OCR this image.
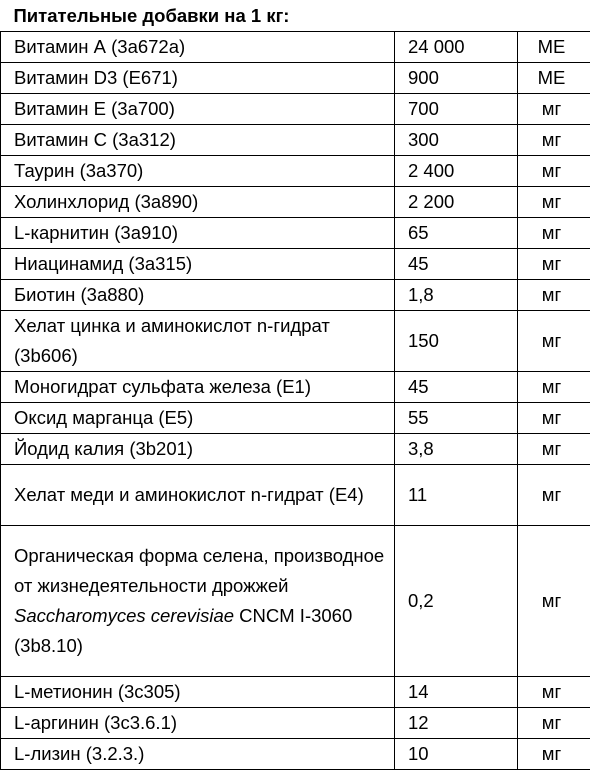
Питательные добавки на 1 кг:		
Витамин А (3а672а)	24 000	МЕ
Витамин D3 (E671)	900	МЕ
Витамин E (3а700)	700	мг
Витамин C (3а312)	300	мг
Таурин (3а370)	2 400	мг
Холинхлорид (3а890)	2 200	мг
L-карнитин (3а910)	65	мг
Ниацинамид (3а315)	45	мг
Биотин (3а880)	1,8	мг
Хелат цинка и аминокислот n-гидрат (3b606)	150	мг
Моногидрат сульфата железа (E1)	45	мг
Оксид марганца (E5)	55	мг
Йодид калия (3b201)	3,8	мг
Хелат меди и аминокислот n-гидрат (E4)	11	мг
Органическая форма селена, производное от жизнедеятельности дрожжей Saccharomyces cerevisiae CNCM I-3060 (3b8.10)	0,2	мг
L-метионин (3c305)	14	мг
L-аргинин (3c3.6.1)	12	мг
L-лизин (3.2.3.)	10	мг
